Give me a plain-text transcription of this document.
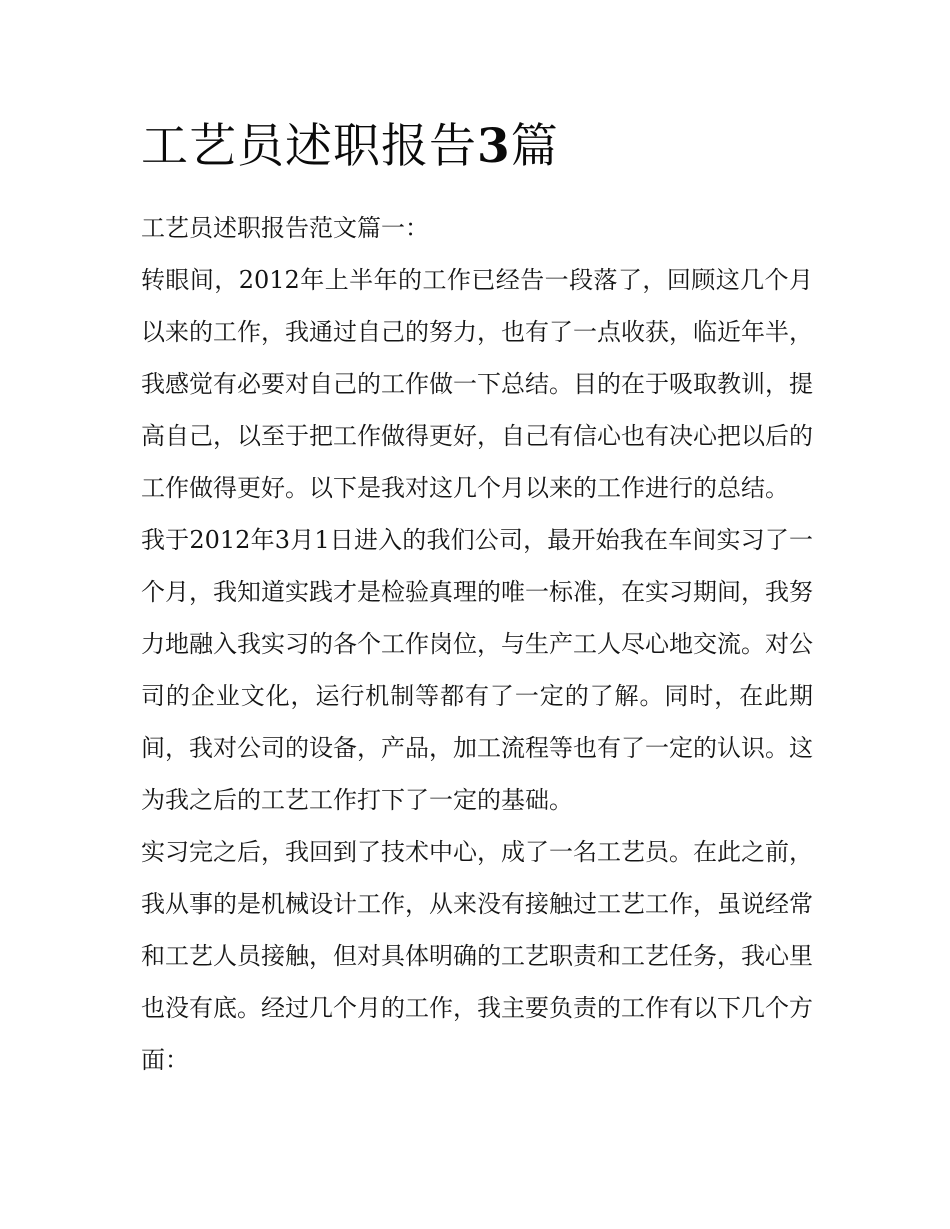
工艺员述职报告3篇

工艺员述职报告范文篇一：

转眼间，2012年上半年的工作已经告一段落了，回顾这几个月以来的工作，我通过自己的努力，也有了一点收获，临近年半，我感觉有必要对自己的工作做一下总结。目的在于吸取教训，提高自己，以至于把工作做得更好，自己有信心也有决心把以后的工作做得更好。以下是我对这几个月以来的工作进行的总结。

我于2012年3月1日进入的我们公司，最开始我在车间实习了一个月，我知道实践才是检验真理的唯一标准，在实习期间，我努力地融入我实习的各个工作岗位，与生产工人尽心地交流。对公司的企业文化，运行机制等都有了一定的了解。同时，在此期间，我对公司的设备，产品，加工流程等也有了一定的认识。这为我之后的工艺工作打下了一定的基础。

实习完之后，我回到了技术中心，成了一名工艺员。在此之前，我从事的是机械设计工作，从来没有接触过工艺工作，虽说经常和工艺人员接触，但对具体明确的工艺职责和工艺任务，我心里也没有底。经过几个月的工作，我主要负责的工作有以下几个方面：
